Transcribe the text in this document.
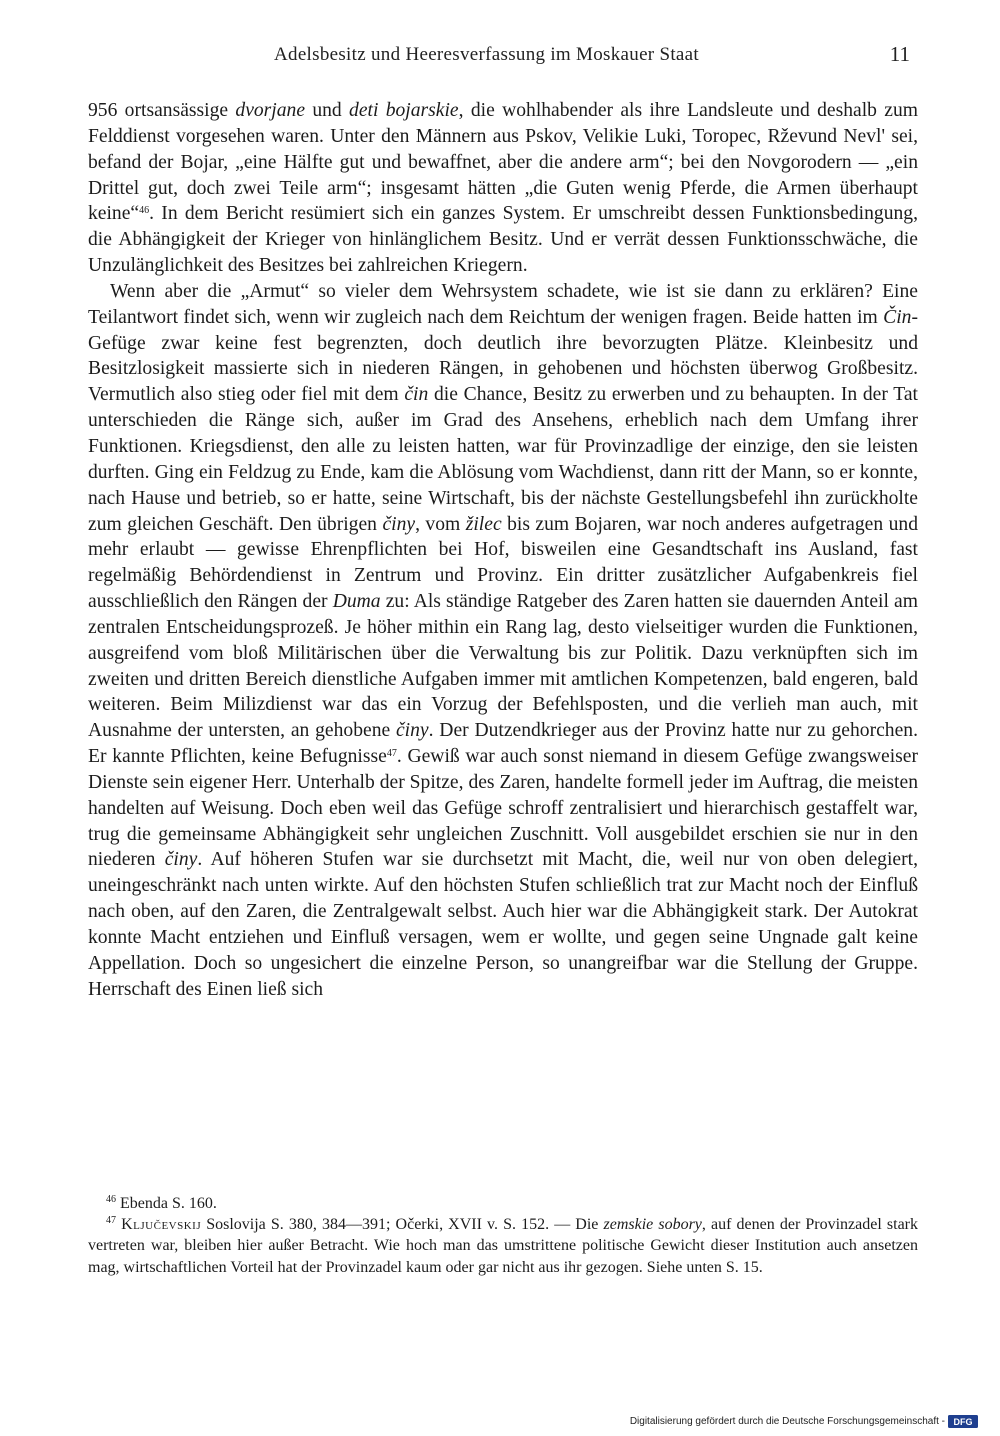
Adelsbesitz und Heeresverfassung im Moskauer Staat	11

956 ortsansässige dvorjane und deti bojarskie, die wohlhabender als ihre Landsleute und deshalb zum Felddienst vorgesehen waren. Unter den Männern aus Pskov, Velikie Luki, Toropec, Rževund Nevl' sei, befand der Bojar, „eine Hälfte gut und bewaffnet, aber die andere arm“; bei den Novgorodern — „ein Drittel gut, doch zwei Teile arm“; insgesamt hätten „die Guten wenig Pferde, die Armen überhaupt keine“$^{46}$. In dem Bericht resümiert sich ein ganzes System. Er umschreibt dessen Funktionsbedingung, die Abhängigkeit der Krieger von hinlänglichem Besitz. Und er verrät dessen Funktionsschwäche, die Unzulänglichkeit des Besitzes bei zahlreichen Kriegern.

Wenn aber die „Armut“ so vieler dem Wehrsystem schadete, wie ist sie dann zu erklären? Eine Teilantwort findet sich, wenn wir zugleich nach dem Reichtum der wenigen fragen. Beide hatten im Čin-Gefüge zwar keine fest begrenzten, doch deutlich ihre bevorzugten Plätze. Kleinbesitz und Besitzlosigkeit massierte sich in niederen Rängen, in gehobenen und höchsten überwog Großbesitz. Vermutlich also stieg oder fiel mit dem čin die Chance, Besitz zu erwerben und zu behaupten. In der Tat unterschieden die Ränge sich, außer im Grad des Ansehens, erheblich nach dem Umfang ihrer Funktionen. Kriegsdienst, den alle zu leisten hatten, war für Provinzadlige der einzige, den sie leisten durften. Ging ein Feldzug zu Ende, kam die Ablösung vom Wachdienst, dann ritt der Mann, so er konnte, nach Hause und betrieb, so er hatte, seine Wirtschaft, bis der nächste Gestellungsbefehl ihn zurückholte zum gleichen Geschäft. Den übrigen činy, vom žilec bis zum Bojaren, war noch anderes aufgetragen und mehr erlaubt — gewisse Ehrenpflichten bei Hof, bisweilen eine Gesandtschaft ins Ausland, fast regelmäßig Behördendienst in Zentrum und Provinz. Ein dritter zusätzlicher Aufgabenkreis fiel ausschließlich den Rängen der Duma zu: Als ständige Ratgeber des Zaren hatten sie dauernden Anteil am zentralen Entscheidungsprozeß. Je höher mithin ein Rang lag, desto vielseitiger wurden die Funktionen, ausgreifend vom bloß Militärischen über die Verwaltung bis zur Politik. Dazu verknüpften sich im zweiten und dritten Bereich dienstliche Aufgaben immer mit amtlichen Kompetenzen, bald engeren, bald weiteren. Beim Milizdienst war das ein Vorzug der Befehlsposten, und die verlieh man auch, mit Ausnahme der untersten, an gehobene činy. Der Dutzendkrieger aus der Provinz hatte nur zu gehorchen. Er kannte Pflichten, keine Befugnisse$^{47}$. Gewiß war auch sonst niemand in diesem Gefüge zwangsweiser Dienste sein eigener Herr. Unterhalb der Spitze, des Zaren, handelte formell jeder im Auftrag, die meisten handelten auf Weisung. Doch eben weil das Gefüge schroff zentralisiert und hierarchisch gestaffelt war, trug die gemeinsame Abhängigkeit sehr ungleichen Zuschnitt. Voll ausgebildet erschien sie nur in den niederen činy. Auf höheren Stufen war sie durchsetzt mit Macht, die, weil nur von oben delegiert, uneingeschränkt nach unten wirkte. Auf den höchsten Stufen schließlich trat zur Macht noch der Einfluß nach oben, auf den Zaren, die Zentralgewalt selbst. Auch hier war die Abhängigkeit stark. Der Autokrat konnte Macht entziehen und Einfluß versagen, wem er wollte, und gegen seine Ungnade galt keine Appellation. Doch so ungesichert die einzelne Person, so unangreifbar war die Stellung der Gruppe. Herrschaft des Einen ließ sich

$^{46}$ Ebenda S. 160.

$^{47}$ Ključevskij Soslovija S. 380, 384—391; Očerki, XVII v. S. 152. — Die zemskie sobory, auf denen der Provinzadel stark vertreten war, bleiben hier außer Betracht. Wie hoch man das umstrittene politische Gewicht dieser Institution auch ansetzen mag, wirtschaftlichen Vorteil hat der Provinzadel kaum oder gar nicht aus ihr gezogen. Siehe unten S. 15.

Digitalisierung gefördert durch die Deutsche Forschungsgemeinschaft - DFG
